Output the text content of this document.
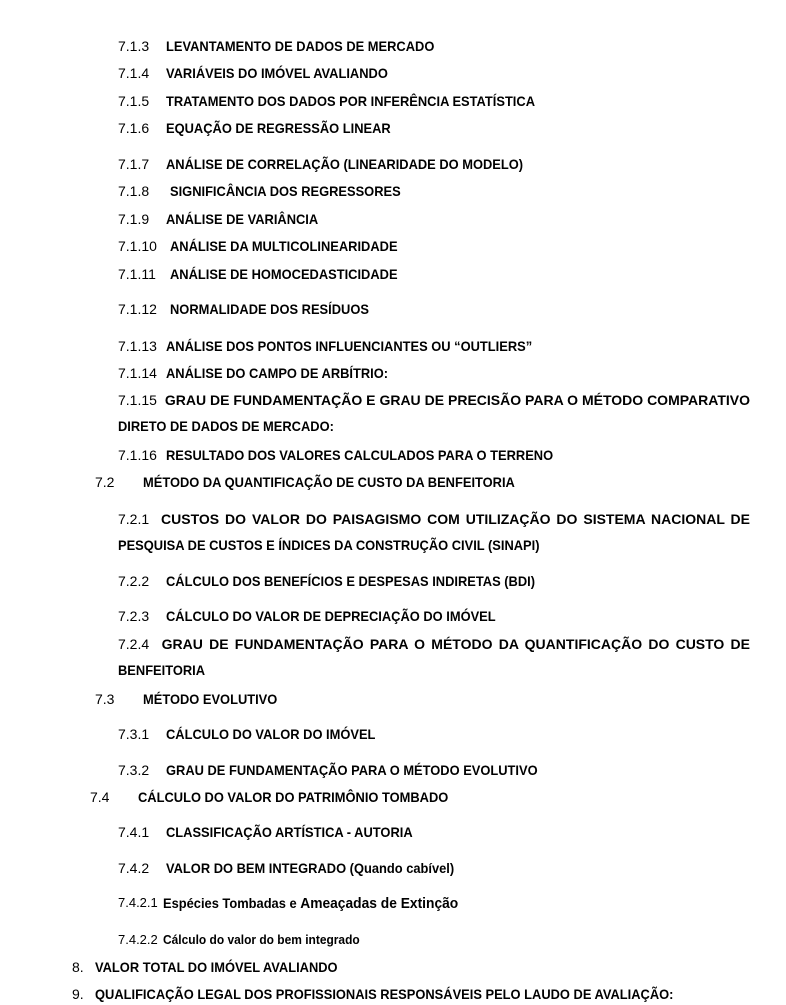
7.1.3 LEVANTAMENTO DE DADOS DE MERCADO
7.1.4 VARIÁVEIS DO IMÓVEL AVALIANDO
7.1.5 TRATAMENTO DOS DADOS POR INFERÊNCIA ESTATÍSTICA
7.1.6 EQUAÇÃO DE REGRESSÃO LINEAR
7.1.7 ANÁLISE DE CORRELAÇÃO (LINEARIDADE DO MODELO)
7.1.8 SIGNIFICÂNCIA DOS REGRESSORES
7.1.9 ANÁLISE DE VARIÂNCIA
7.1.10 ANÁLISE DA MULTICOLINEARIDADE
7.1.11 ANÁLISE DE HOMOCEDASTICIDADE
7.1.12 NORMALIDADE DOS RESÍDUOS
7.1.13 ANÁLISE DOS PONTOS INFLUENCIANTES OU “OUTLIERS”
7.1.14 ANÁLISE DO CAMPO DE ARBÍTRIO:
7.1.15 GRAU DE FUNDAMENTAÇÃO E GRAU DE PRECISÃO PARA O MÉTODO COMPARATIVO
DIRETO DE DADOS DE MERCADO:
7.1.16 RESULTADO DOS VALORES CALCULADOS PARA O TERRENO
7.2 MÉTODO DA QUANTIFICAÇÃO DE CUSTO DA BENFEITORIA
7.2.1 CUSTOS DO VALOR DO PAISAGISMO COM UTILIZAÇÃO DO SISTEMA NACIONAL DE
PESQUISA DE CUSTOS E ÍNDICES DA CONSTRUÇÃO CIVIL (SINAPI)
7.2.2 CÁLCULO DOS BENEFÍCIOS E DESPESAS INDIRETAS (BDI)
7.2.3 CÁLCULO DO VALOR DE DEPRECIAÇÃO DO IMÓVEL
7.2.4 GRAU DE FUNDAMENTAÇÃO PARA O MÉTODO DA QUANTIFICAÇÃO DO CUSTO DE
BENFEITORIA
7.3 MÉTODO EVOLUTIVO
7.3.1 CÁLCULO DO VALOR DO IMÓVEL
7.3.2 GRAU DE FUNDAMENTAÇÃO PARA O MÉTODO EVOLUTIVO
7.4 CÁLCULO DO VALOR DO PATRIMÔNIO TOMBADO
7.4.1 CLASSIFICAÇÃO ARTÍSTICA - AUTORIA
7.4.2 VALOR DO BEM INTEGRADO (Quando cabível)
7.4.2.1 Espécies Tombadas e Ameaçadas de Extinção
7.4.2.2 Cálculo do valor do bem integrado
8. VALOR TOTAL DO IMÓVEL AVALIANDO
9. QUALIFICAÇÃO LEGAL DOS PROFISSIONAIS RESPONSÁVEIS PELO LAUDO DE AVALIAÇÃO:
